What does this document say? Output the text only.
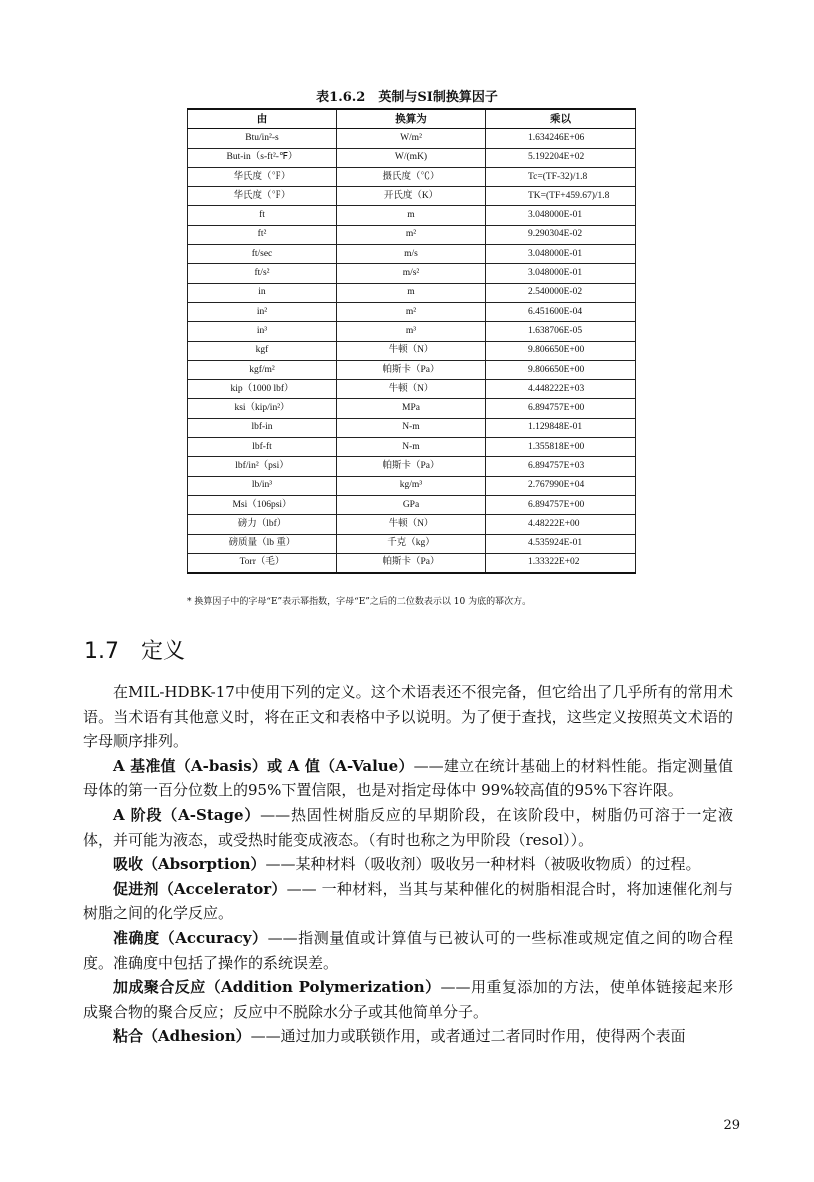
表1.6.2　英制与SI制换算因子
由	换算为	乘以
Btu/in²-s	W/m²	1.634246E+06
But-in（s-ft²-℉）	W/(mK)	5.192204E+02
华氏度（℉）	摄氏度（℃）	Tc=(TF-32)/1.8
华氏度（℉）	开氏度（K）	TK=(TF+459.67)/1.8
ft	m	3.048000E-01
ft²	m²	9.290304E-02
ft/sec	m/s	3.048000E-01
ft/s²	m/s²	3.048000E-01
in	m	2.540000E-02
in²	m²	6.451600E-04
in³	m³	1.638706E-05
kgf	牛顿（N）	9.806650E+00
kgf/m²	帕斯卡（Pa）	9.806650E+00
kip（1000 lbf）	牛顿（N）	4.448222E+03
ksi（kip/in²）	MPa	6.894757E+00
lbf-in	N-m	1.129848E-01
lbf-ft	N-m	1.355818E+00
lbf/in²（psi）	帕斯卡（Pa）	6.894757E+03
lb/in³	kg/m³	2.767990E+04
Msi（106psi）	GPa	6.894757E+00
磅力（lbf）	牛顿（N）	4.48222E+00
磅质量（lb 重）	千克（kg）	4.535924E-01
Torr（毛）	帕斯卡（Pa）	1.33322E+02
* 换算因子中的字母“E”表示幂指数，字母“E”之后的二位数表示以 10 为底的幂次方。
1.7  定义

在MIL-HDBK-17中使用下列的定义。这个术语表还不很完备，但它给出了几乎所有的常用术语。当术语有其他意义时，将在正文和表格中予以说明。为了便于查找，这些定义按照英文术语的字母顺序排列。

A 基准值（A-basis）或 A 值（A-Value）——建立在统计基础上的材料性能。指定测量值母体的第一百分位数上的95%下置信限，也是对指定母体中 99%较高值的95%下容许限。

A 阶段（A-Stage）——热固性树脂反应的早期阶段，在该阶段中，树脂仍可溶于一定液体，并可能为液态，或受热时能变成液态。（有时也称之为甲阶段（resol））。

吸收（Absorption）——某种材料（吸收剂）吸收另一种材料（被吸收物质）的过程。

促进剂（Accelerator）—— 一种材料，当其与某种催化的树脂相混合时，将加速催化剂与树脂之间的化学反应。

准确度（Accuracy）——指测量值或计算值与已被认可的一些标准或规定值之间的吻合程度。准确度中包括了操作的系统误差。

加成聚合反应（Addition Polymerization）——用重复添加的方法，使单体链接起来形成聚合物的聚合反应；反应中不脱除水分子或其他简单分子。

粘合（Adhesion）——通过加力或联锁作用，或者通过二者同时作用，使得两个表面

29
